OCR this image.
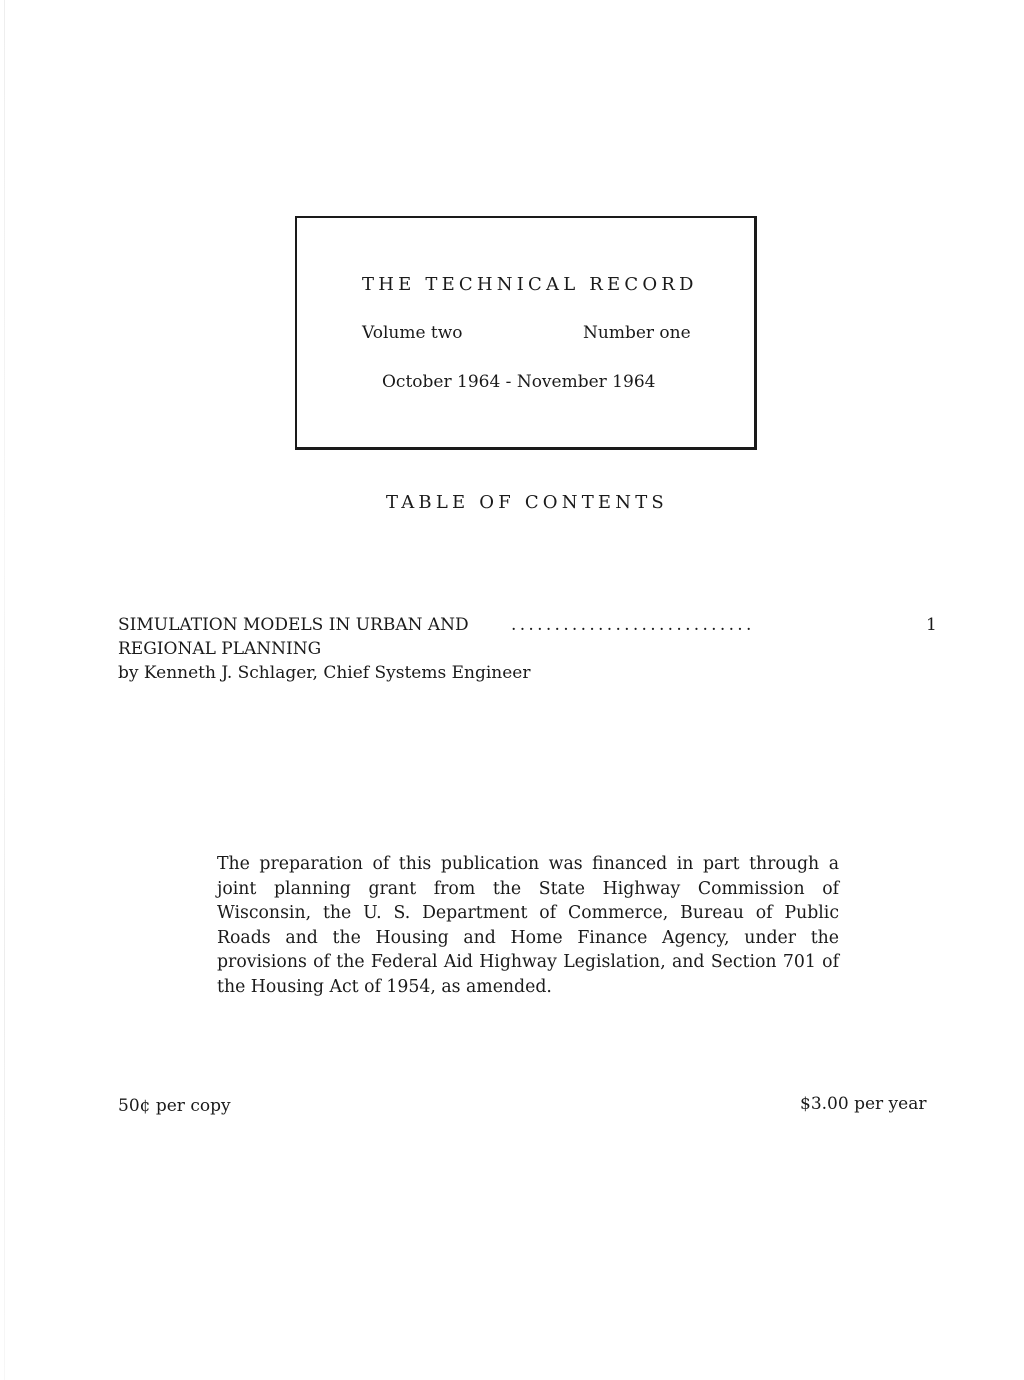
THE TECHNICAL RECORD
Volume two	Number one
October 1964 - November 1964
TABLE OF CONTENTS
SIMULATION MODELS IN URBAN AND ............................	1
REGIONAL PLANNING
by Kenneth J. Schlager, Chief Systems Engineer
The preparation of this publication was financed in part through a joint planning grant from the State Highway Commission of Wisconsin, the U. S. Department of Commerce, Bureau of Public Roads and the Housing and Home Finance Agency, under the provisions of the Federal Aid Highway Legislation, and Section 701 of the Housing Act of 1954, as amended.
50¢ per copy	$3.00 per year
